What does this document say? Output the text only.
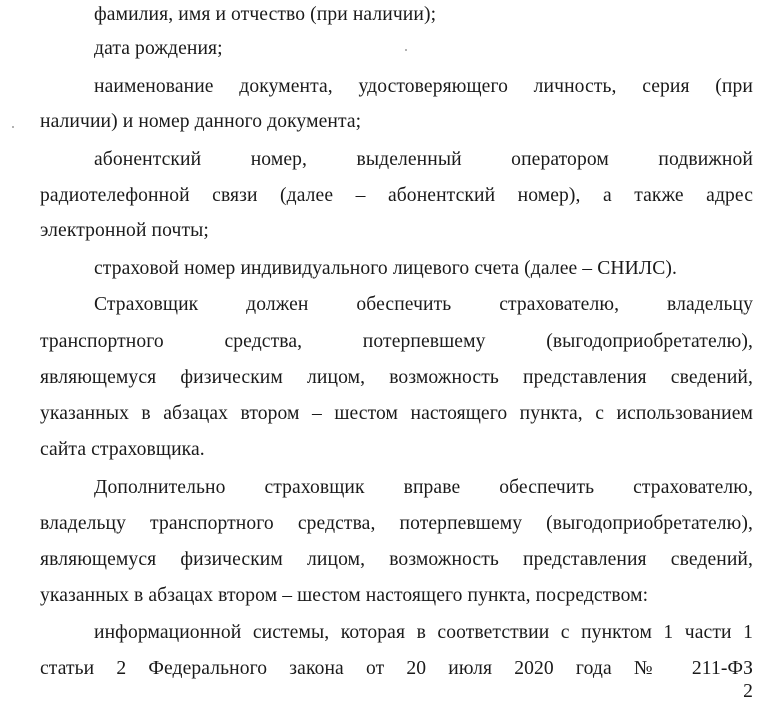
фамилия, имя и отчество (при наличии);
дата рождения;
наименование документа, удостоверяющего личность, серия (при
наличии) и номер данного документа;
абонентский номер, выделенный оператором подвижной
радиотелефонной связи (далее – абонентский номер), а также адрес
электронной почты;
страховой номер индивидуального лицевого счета (далее – СНИЛС).
Страховщик должен обеспечить страхователю, владельцу
транспортного средства, потерпевшему (выгодоприобретателю),
являющемуся физическим лицом, возможность представления сведений,
указанных в абзацах втором – шестом настоящего пункта, с использованием
сайта страховщика.
Дополнительно страховщик вправе обеспечить страхователю,
владельцу транспортного средства, потерпевшему (выгодоприобретателю),
являющемуся физическим лицом, возможность представления сведений,
указанных в абзацах втором – шестом настоящего пункта, посредством:
информационной системы, которая в соответствии с пунктом 1 части 1
статьи 2 Федерального закона от 20 июля 2020 года № 211-ФЗ
2
